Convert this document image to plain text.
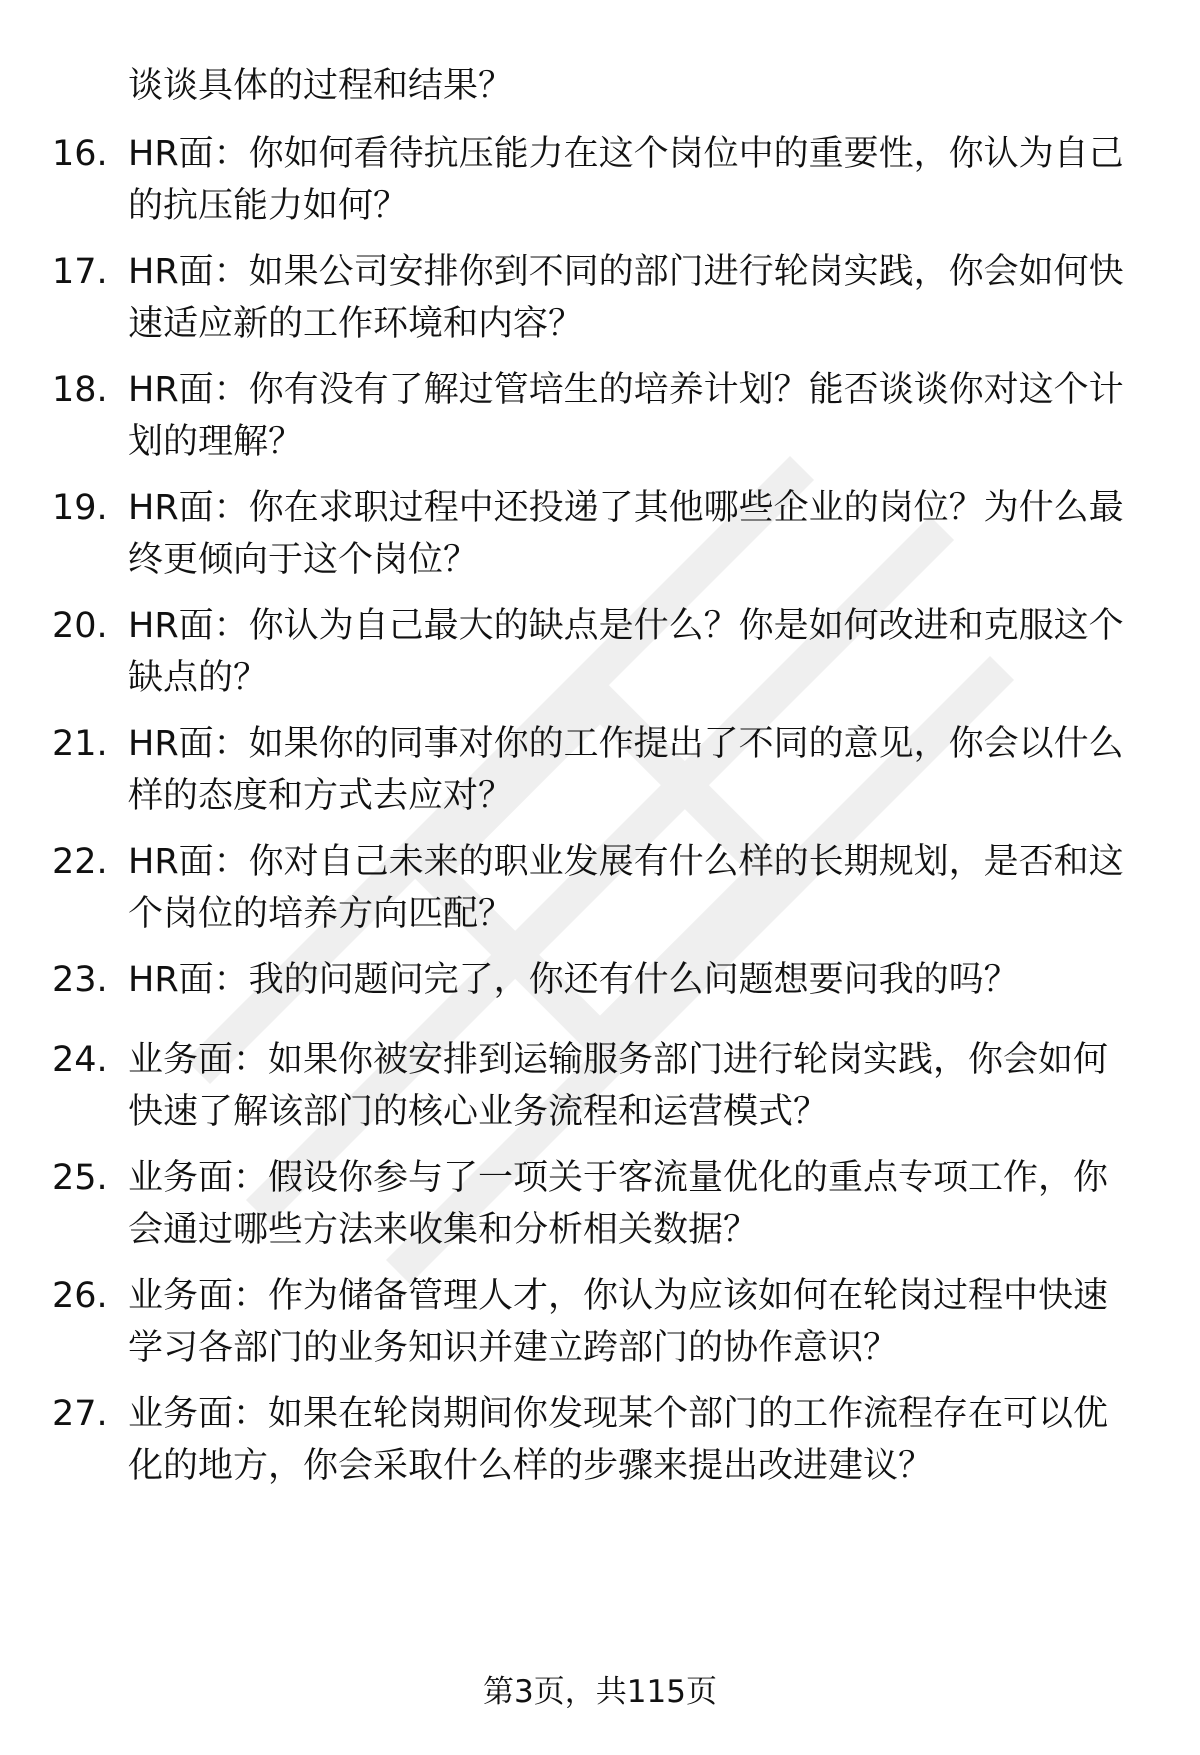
谈谈具体的过程和结果？

16. HR面：你如何看待抗压能力在这个岗位中的重要性，你认为自己
的抗压能力如何？

17. HR面：如果公司安排你到不同的部门进行轮岗实践，你会如何快
速适应新的工作环境和内容？

18. HR面：你有没有了解过管培生的培养计划？能否谈谈你对这个计
划的理解？

19. HR面：你在求职过程中还投递了其他哪些企业的岗位？为什么最
终更倾向于这个岗位？

20. HR面：你认为自己最大的缺点是什么？你是如何改进和克服这个
缺点的？

21. HR面：如果你的同事对你的工作提出了不同的意见，你会以什么
样的态度和方式去应对？

22. HR面：你对自己未来的职业发展有什么样的长期规划，是否和这
个岗位的培养方向匹配？

23. HR面：我的问题问完了，你还有什么问题想要问我的吗？

24. 业务面：如果你被安排到运输服务部门进行轮岗实践，你会如何
快速了解该部门的核心业务流程和运营模式？

25. 业务面：假设你参与了一项关于客流量优化的重点专项工作，你
会通过哪些方法来收集和分析相关数据？

26. 业务面：作为储备管理人才，你认为应该如何在轮岗过程中快速
学习各部门的业务知识并建立跨部门的协作意识？

27. 业务面：如果在轮岗期间你发现某个部门的工作流程存在可以优
化的地方，你会采取什么样的步骤来提出改进建议？

第3页，共115页
